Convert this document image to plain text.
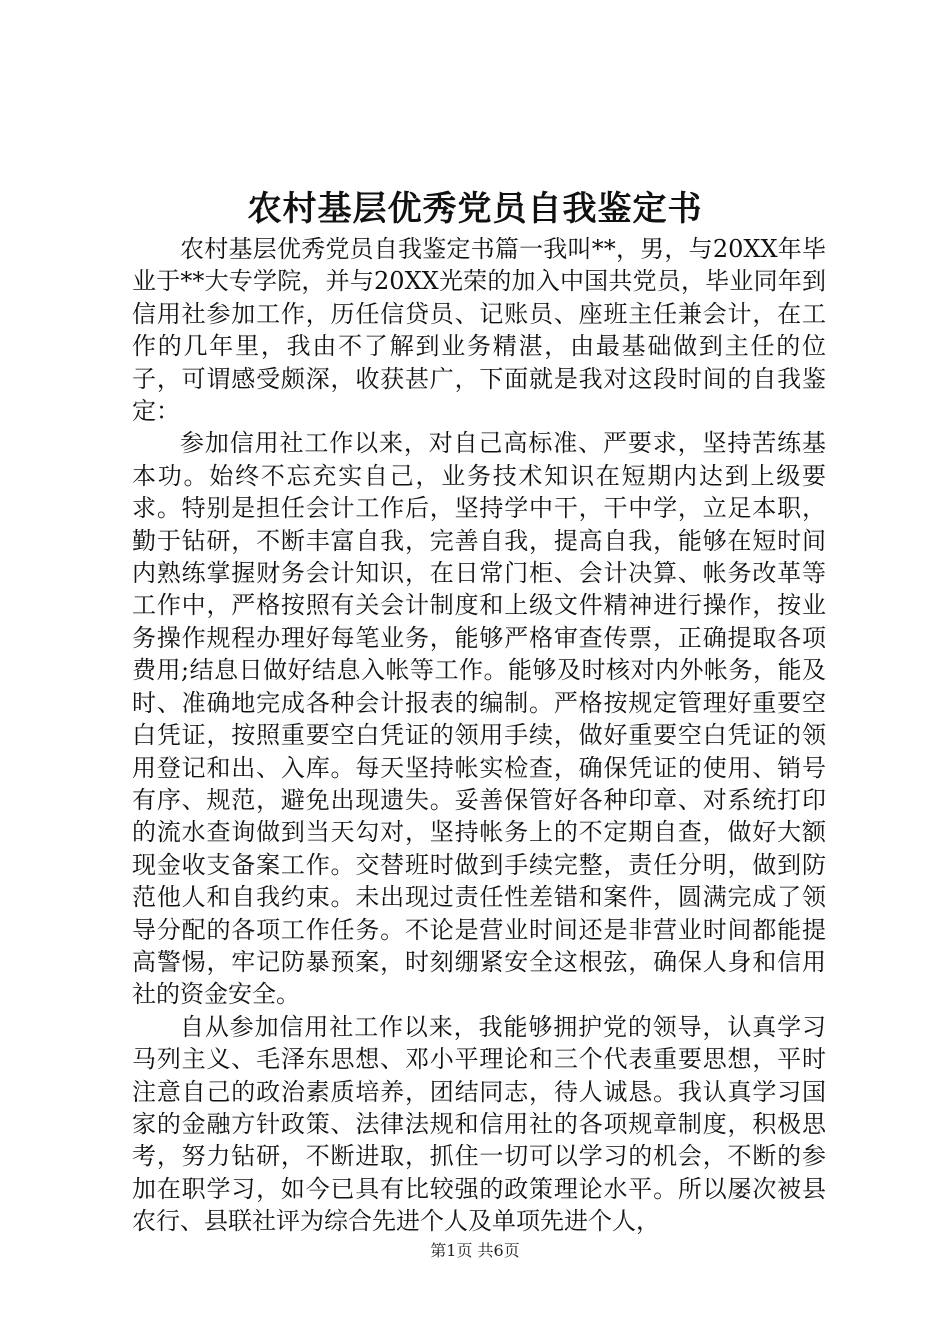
农村基层优秀党员自我鉴定书

农村基层优秀党员自我鉴定书篇一我叫**，男，与20XX年毕业于**大专学院，并与20XX光荣的加入中国共党员，毕业同年到信用社参加工作，历任信贷员、记账员、座班主任兼会计，在工作的几年里，我由不了解到业务精湛，由最基础做到主任的位子，可谓感受颇深，收获甚广，下面就是我对这段时间的自我鉴定：

参加信用社工作以来，对自己高标准、严要求，坚持苦练基本功。始终不忘充实自己，业务技术知识在短期内达到上级要求。特别是担任会计工作后，坚持学中干，干中学，立足本职，勤于钻研，不断丰富自我，完善自我，提高自我，能够在短时间内熟练掌握财务会计知识，在日常门柜、会计决算、帐务改革等工作中，严格按照有关会计制度和上级文件精神进行操作，按业务操作规程办理好每笔业务，能够严格审查传票，正确提取各项费用;结息日做好结息入帐等工作。能够及时核对内外帐务，能及时、准确地完成各种会计报表的编制。严格按规定管理好重要空白凭证，按照重要空白凭证的领用手续，做好重要空白凭证的领用登记和出、入库。每天坚持帐实检查，确保凭证的使用、销号有序、规范，避免出现遗失。妥善保管好各种印章、对系统打印的流水查询做到当天勾对，坚持帐务上的不定期自查，做好大额现金收支备案工作。交替班时做到手续完整，责任分明，做到防范他人和自我约束。未出现过责任性差错和案件，圆满完成了领导分配的各项工作任务。不论是营业时间还是非营业时间都能提高警惕，牢记防暴预案，时刻绷紧安全这根弦，确保人身和信用社的资金安全。

自从参加信用社工作以来，我能够拥护党的领导，认真学习马列主义、毛泽东思想、邓小平理论和三个代表重要思想，平时注意自己的政治素质培养，团结同志，待人诚恳。我认真学习国家的金融方针政策、法律法规和信用社的各项规章制度，积极思考，努力钻研，不断进取，抓住一切可以学习的机会，不断的参加在职学习，如今已具有比较强的政策理论水平。所以屡次被县农行、县联社评为综合先进个人及单项先进个人，

第1页 共6页
